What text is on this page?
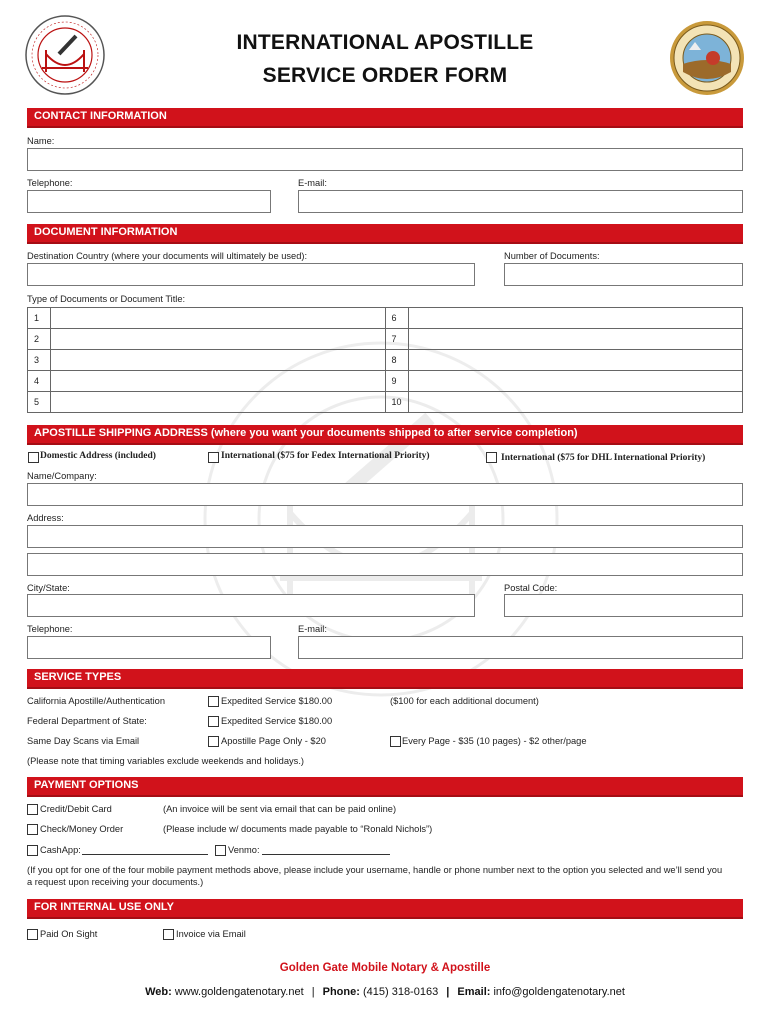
INTERNATIONAL APOSTILLE
SERVICE ORDER FORM
CONTACT INFORMATION
Name:
Telephone:	E-mail:
DOCUMENT INFORMATION
Destination Country (where your documents will ultimately be used):	Number of Documents:
Type of Documents or Document Title:
1		6	
2		7	
3		8	
4		9	
5		10	
APOSTILLE SHIPPING ADDRESS (where you want your documents shipped to after service completion)
Domestic Address (included)	International ($75 for Fedex International Priority)	International ($75 for DHL International Priority)
Name/Company:
Address:
City/State:	Postal Code:
Telephone:	E-mail:
SERVICE TYPES
California Apostille/Authentication	Expedited Service $180.00	($100 for each additional document)
Federal Department of State:	Expedited Service $180.00
Same Day Scans via Email	Apostille Page Only - $20	Every Page - $35 (10 pages) - $2 other/page
(Please note that timing variables exclude weekends and holidays.)
PAYMENT OPTIONS
Credit/Debit Card	(An invoice will be sent via email that can be paid online)
Check/Money Order	(Please include w/ documents made payable to “Ronald Nichols”)
CashApp:	Venmo:
(If you opt for one of the four mobile payment methods above, please include your username, handle or phone number next to the option you selected and we’ll send you
a request upon receiving your documents.)
FOR INTERNAL USE ONLY
Paid On Sight	Invoice via Email
Golden Gate Mobile Notary & Apostille
Web: www.goldengatenotary.net | Phone: (415) 318-0163 | Email: info@goldengatenotary.net
